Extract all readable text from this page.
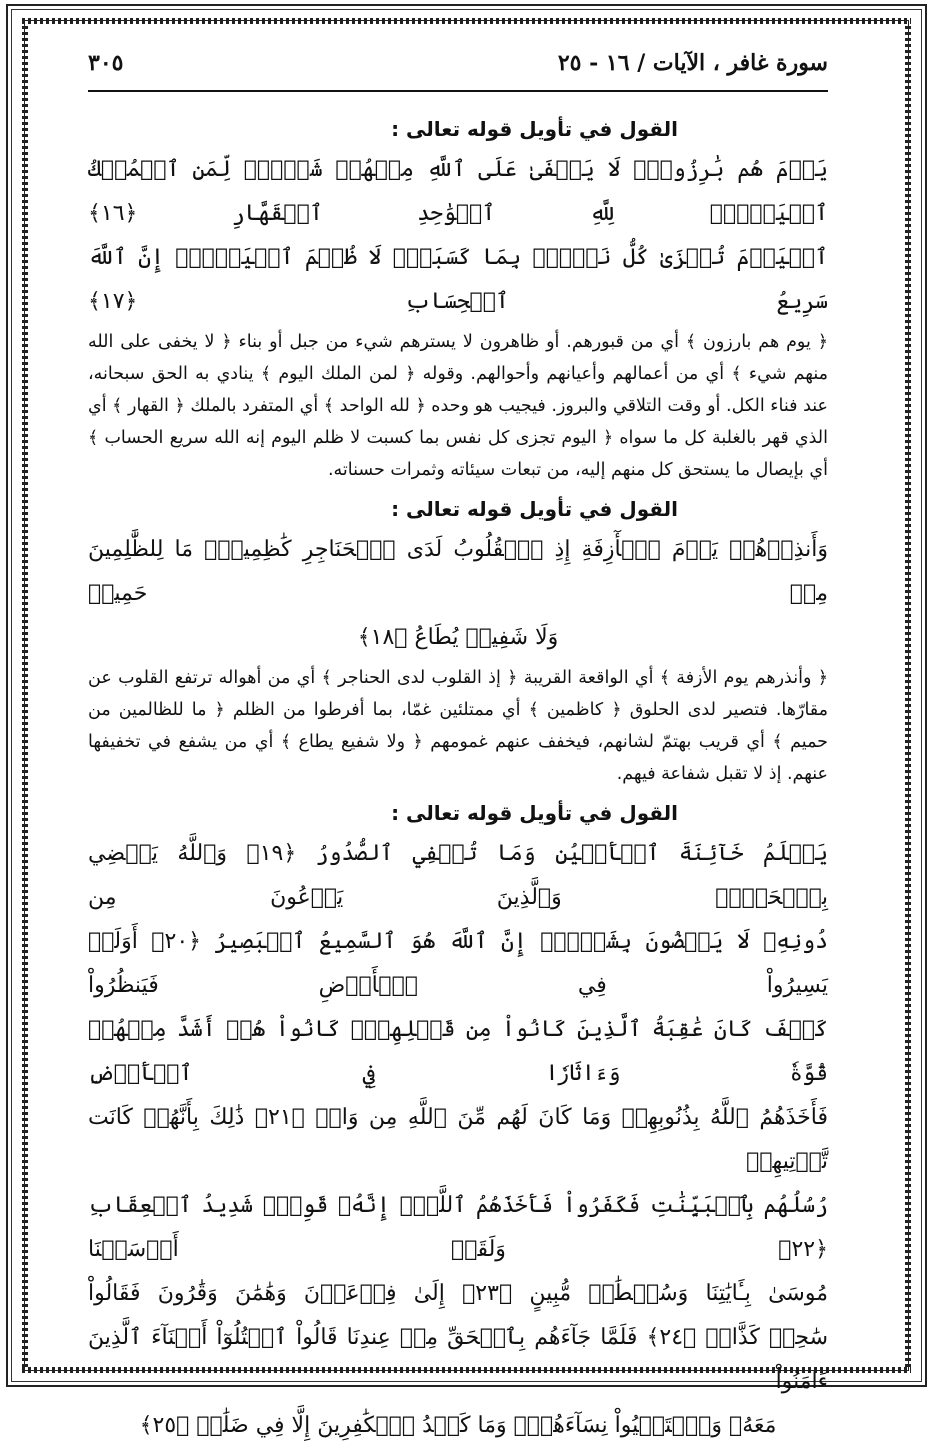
سورة غافر ، الآيات / ١٦ - ٢٥
٣٠٥

القول في تأويل قوله تعالى :

يَوۡمَ هُم بَٰرِزُونَۖ لَا يَخۡفَىٰ عَلَى ٱللَّهِ مِنۡهُمۡ شَيۡءٞۚ لِّمَنِ ٱلۡمُلۡكُ ٱلۡيَوۡمَۖ لِلَّهِ ٱلۡوَٰحِدِ ٱلۡقَهَّارِ ﴿١٦﴾

ٱلۡيَوۡمَ تُجۡزَىٰ كُلُّ نَفۡسِۭ بِمَا كَسَبَتۡۚ لَا ظُلۡمَ ٱلۡيَوۡمَۚ إِنَّ ٱللَّهَ سَرِيعُ ٱلۡحِسَابِ ﴿١٧﴾

﴿ يوم هم بارزون ﴾ أي من قبورهم. أو ظاهرون لا يسترهم شيء من جبل أو بناء ﴿ لا يخفى على الله منهم شيء ﴾ أي من أعمالهم وأعيانهم وأحوالهم. وقوله ﴿ لمن الملك اليوم ﴾ ينادي به الحق سبحانه، عند فناء الكل. أو وقت التلاقي والبروز. فيجيب هو وحده ﴿ لله الواحد ﴾ أي المتفرد بالملك ﴿ القهار ﴾ أي الذي قهر بالغلبة كل ما سواه ﴿ اليوم تجزى كل نفس بما كسبت لا ظلم اليوم إنه الله سريع الحساب ﴾ أي بإيصال ما يستحق كل منهم إليه، من تبعات سيئاته وثمرات حسناته.

القول في تأويل قوله تعالى :

وَأَنذِرۡهُمۡ يَوۡمَ ٱلۡأٓزِفَةِ إِذِ ٱلۡقُلُوبُ لَدَى ٱلۡحَنَاجِرِ كَٰظِمِينَۚ مَا لِلظَّٰلِمِينَ مِنۡ حَمِيمٖ

وَلَا شَفِيعٖ يُطَاعُ ﴿١٨﴾

﴿ وأنذرهم يوم الأزفة ﴾ أي الواقعة القريبة ﴿ إذ القلوب لدى الحناجر ﴾ أي من أهواله ترتفع القلوب عن مقارّها. فتصير لدى الحلوق ﴿ كاظمين ﴾ أي ممتلئين غمّا، بما أفرطوا من الظلم ﴿ ما للظالمين من حميم ﴾ أي قريب بهتمّ لشانهم، فيخفف عنهم غمومهم ﴿ ولا شفيع يطاع ﴾ أي من يشفع في تخفيفها عنهم. إذ لا تقبل شفاعة فيهم.

القول في تأويل قوله تعالى :

يَعۡلَمُ خَآئِنَةَ ٱلۡأَعۡيُنِ وَمَا تُخۡفِي ٱلصُّدُورُ ﴿١٩﴾ وَٱللَّهُ يَقۡضِي بِٱلۡحَقِّۖ وَٱلَّذِينَ يَدۡعُونَ مِن

دُونِهِۦ لَا يَقۡضُونَ بِشَيۡءٍۗ إِنَّ ٱللَّهَ هُوَ ٱلسَّمِيعُ ٱلۡبَصِيرُ ﴿٢٠﴾ أَوَلَمۡ يَسِيرُواْ فِي ٱلۡأَرۡضِ فَيَنظُرُواْ

كَيۡفَ كَانَ عَٰقِبَةُ ٱلَّذِينَ كَانُواْ مِن قَبۡلِهِمۡۚ كَانُواْ هُمۡ أَشَدَّ مِنۡهُمۡ قُوَّةٗ وَءَاثَارٗا فِي ٱلۡأَرۡضِ

فَأَخَذَهُمُ ٱللَّهُ بِذُنُوبِهِمۡ وَمَا كَانَ لَهُم مِّنَ ٱللَّهِ مِن وَاقٖ ﴿٢١﴾ ذَٰلِكَ بِأَنَّهُمۡ كَانَت تَّأۡتِيهِمۡ

رُسُلُهُم بِٱلۡبَيِّنَٰتِ فَكَفَرُواْ فَأَخَذَهُمُ ٱللَّهُۚ إِنَّهُۥ قَوِيّٞ شَدِيدُ ٱلۡعِقَابِ ﴿٢٢﴾ وَلَقَدۡ أَرۡسَلۡنَا

مُوسَىٰ بِـَٔايَٰتِنَا وَسُلۡطَٰنٖ مُّبِينٍ ﴿٢٣﴾ إِلَىٰ فِرۡعَوۡنَ وَهَٰمَٰنَ وَقَٰرُونَ فَقَالُواْ

سَٰحِرٞ كَذَّابٞ ﴿٢٤﴾ فَلَمَّا جَآءَهُم بِٱلۡحَقِّ مِنۡ عِندِنَا قَالُواْ ٱقۡتُلُوٓاْ أَبۡنَآءَ ٱلَّذِينَ ءَامَنُواْ

مَعَهُۥ وَٱسۡتَحۡيُواْ نِسَآءَهُمۡۚ وَمَا كَيۡدُ ٱلۡكَٰفِرِينَ إِلَّا فِي ضَلَٰلٖ ﴿٢٥﴾
